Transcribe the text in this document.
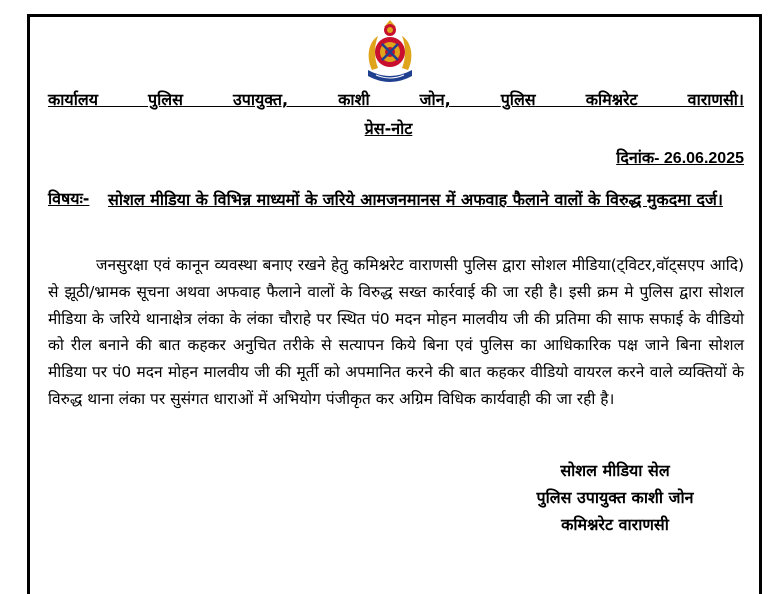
कार्यालय	पुलिस	उपायुक्त,	काशी	जोन,	पुलिस	कमिश्नरेट	वाराणसी।
प्रेस-नोट
दिनांक- 26.06.2025
विषयः- सोशल मीडिया के विभिन्न माध्यमों के जरिये आमजनमानस में अफवाह फैलाने वालों के विरुद्ध मुकदमा दर्ज।
जनसुरक्षा एवं कानून व्यवस्था बनाए रखने हेतु कमिश्नरेट वाराणसी पुलिस द्वारा सोशल मीडिया(ट्विटर,वॉट्सएप आदि) से झूठी/भ्रामक सूचना अथवा अफवाह फैलाने वालों के विरुद्ध सख्त कार्रवाई की जा रही है। इसी क्रम मे पुलिस द्वारा सोशल मीडिया के जरिये थानाक्षेत्र लंका के लंका चौराहे पर स्थित पं0 मदन मोहन मालवीय जी की प्रतिमा की साफ सफाई के वीडियो को रील बनाने की बात कहकर अनुचित तरीके से सत्यापन किये बिना एवं पुलिस का आधिकारिक पक्ष जाने बिना सोशल मीडिया पर पं0 मदन मोहन मालवीय जी की मूर्ती को अपमानित करने की बात कहकर वीडियो वायरल करने वाले व्यक्तियों के विरुद्ध थाना लंका पर सुसंगत धाराओं में अभियोग पंजीकृत कर अग्रिम विधिक कार्यवाही की जा रही है।
सोशल मीडिया सेल
पुलिस उपायुक्त काशी जोन
कमिश्नरेट वाराणसी
